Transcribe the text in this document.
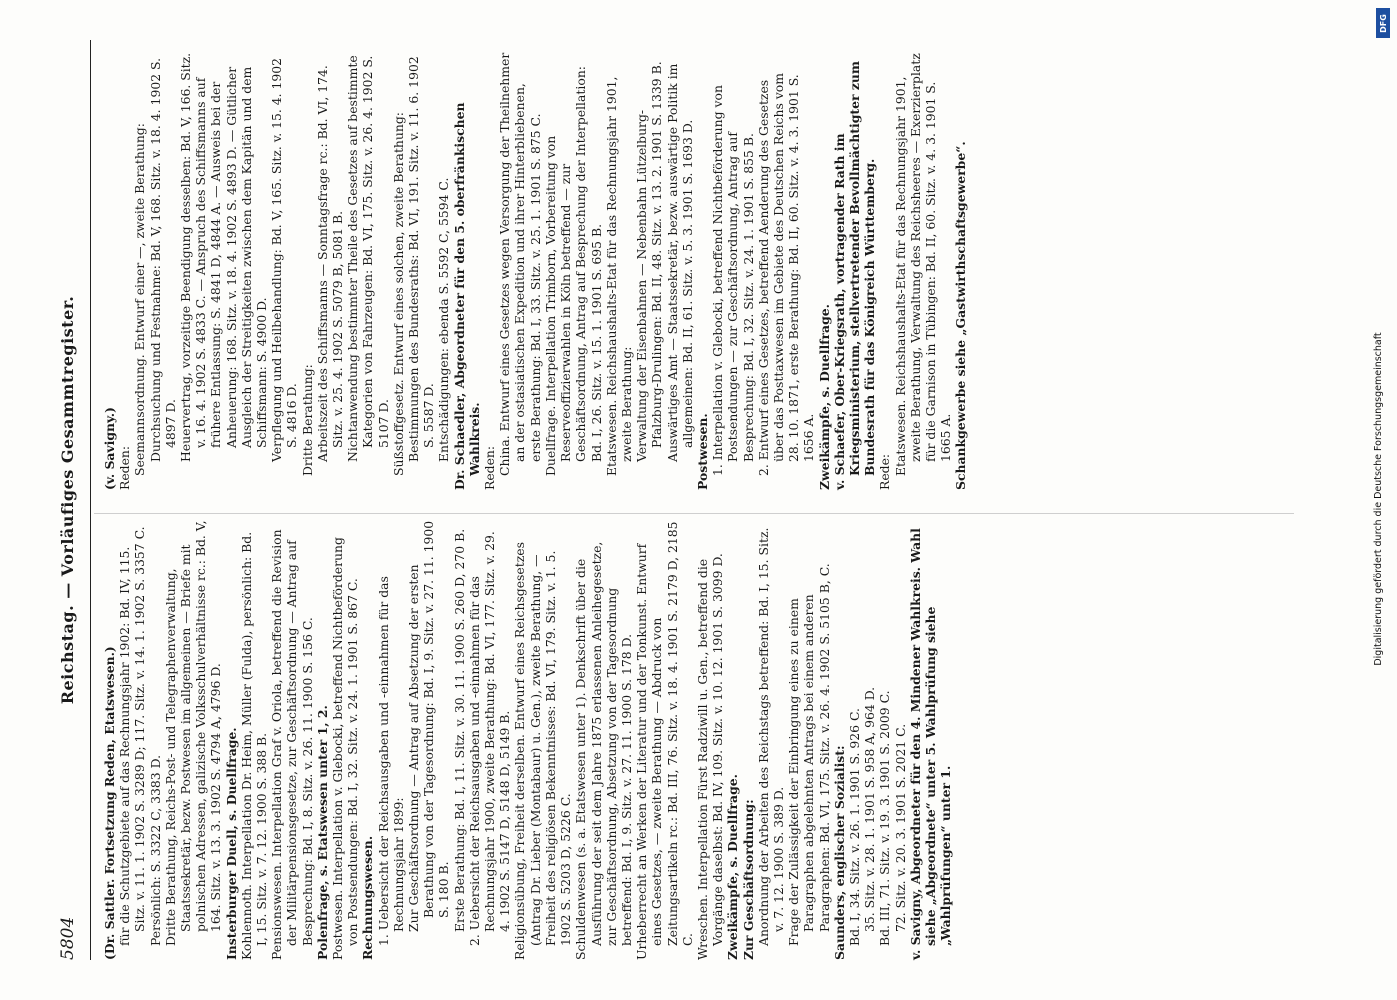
5804
Reichstag. — Vorläufiges Gesammtregister.

(Dr. Sattler. Fortsetzung Reden, Etatswesen.) für die Schutzgebiete auf das Rechnungsjahr 1902: Bd. IV, 115. Sitz. v. 11. 1. 1902 S. 3289 D; 117. Sitz. v. 14. 1. 1902 S. 3357 C. Persönlich: S. 3322 C, 3383 D. Dritte Berathung, Reichs-Post- und Telegraphenverwaltung, Staatssekretär, bezw. Postwesen im allgemeinen — Briefe mit polnischen Adressen, galizische Volksschulverhältnisse rc.: Bd. V, 164. Sitz. v. 13. 3. 1902 S. 4794 A, 4796 D. Insterburger Duell, s. Duellfrage. Kohlennoth. Interpellation Dr. Heim, Müller (Fulda), persönlich: Bd. I, 15. Sitz. v. 7. 12. 1900 S. 388 B. Pensionswesen. Interpellation Graf v. Oriola, betreffend die Revision der Militärpensionsgesetze, zur Geschäftsordnung — Antrag auf Besprechung: Bd. I, 8. Sitz. v. 26. 11. 1900 S. 156 C. Polenfrage, s. Etatswesen unter 1, 2. Postwesen. Interpellation v. Glebocki, betreffend Nichtbeförderung von Postsendungen: Bd. I, 32. Sitz. v. 24. 1. 1901 S. 867 C. Rechnungswesen. 1. Uebersicht der Reichsausgaben und -einnahmen für das Rechnungsjahr 1899: Zur Geschäftsordnung — Antrag auf Absetzung der ersten Berathung von der Tagesordnung: Bd. I, 9. Sitz. v. 27. 11. 1900 S. 180 B. Erste Berathung: Bd. I, 11. Sitz. v. 30. 11. 1900 S. 260 D, 270 B. 2. Uebersicht der Reichsausgaben und -einnahmen für das Rechnungsjahr 1900, zweite Berathung: Bd. VI, 177. Sitz. v. 29. 4. 1902 S. 5147 D, 5148 D, 5149 B. Religionsübung, Freiheit derselben. Entwurf eines Reichsgesetzes (Antrag Dr. Lieber (Montabaur) u. Gen.), zweite Berathung, — Freiheit des religiösen Bekenntnisses: Bd. VI, 179. Sitz. v. 1. 5. 1902 S. 5203 D, 5226 C. Schuldenwesen (s. a. Etatswesen unter 1). Denkschrift über die Ausführung der seit dem Jahre 1875 erlassenen Anleihegesetze, zur Geschäftsordnung, Absetzung von der Tagesordnung betreffend: Bd. I, 9. Sitz. v. 27. 11. 1900 S. 178 D. Urheberrecht an Werken der Literatur und der Tonkunst. Entwurf eines Gesetzes, — zweite Berathung — Abdruck von Zeitungsartikeln rc.: Bd. III, 76. Sitz. v. 18. 4. 1901 S. 2179 D, 2185 C. Wreschen. Interpellation Fürst Radziwill u. Gen., betreffend die Vorgänge daselbst: Bd. IV, 109. Sitz. v. 10. 12. 1901 S. 3099 D. Zweikämpfe, s. Duellfrage. Zur Geschäftsordnung: Anordnung der Arbeiten des Reichstags betreffend: Bd. I, 15. Sitz. v. 7. 12. 1900 S. 389 D. Frage der Zulässigkeit der Einbringung eines zu einem Paragraphen abgelehnten Antrags bei einem anderen Paragraphen: Bd. VI, 175. Sitz. v. 26. 4. 1902 S. 5105 B, C. Saunders, englischer Sozialist: Bd. I, 34. Sitz. v. 26. 1. 1901 S. 926 C. 35. Sitz. v. 28. 1. 1901 S. 958 A, 964 D. Bd. III, 71. Sitz. v. 19. 3. 1901 S. 2009 C. 72. Sitz. v. 20. 3. 1901 S. 2021 C. v. Savigny, Abgeordneter für den 4. Mindener Wahlkreis. Wahl siehe „Abgeordnete“ unter 5. Wahlprüfung siehe „Wahlprüfungen“ unter 1.

(v. Savigny.) Reden: Seemannsordnung. Entwurf einer —, zweite Berathung: Durchsuchung und Festnahme: Bd. V, 168. Sitz. v. 18. 4. 1902 S. 4897 D. Heuervertrag, vorzeitige Beendigung desselben: Bd. V, 166. Sitz. v. 16. 4. 1902 S. 4833 C. — Anspruch des Schiffsmanns auf frühere Entlassung: S. 4841 D, 4844 A. — Ausweis bei der Anheuerung: 168. Sitz. v. 18. 4. 1902 S. 4893 D. — Gütlicher Ausgleich der Streitigkeiten zwischen dem Kapitän und dem Schiffsmann: S. 4900 D. Verpflegung und Heilbehandlung: Bd. V, 165. Sitz. v. 15. 4. 1902 S. 4816 D. Dritte Berathung: Arbeitszeit des Schiffsmanns — Sonntagsfrage rc.: Bd. VI, 174. Sitz. v. 25. 4. 1902 S. 5079 B, 5081 B. Nichtanwendung bestimmter Theile des Gesetzes auf bestimmte Kategorien von Fahrzeugen: Bd. VI, 175. Sitz. v. 26. 4. 1902 S. 5107 D. Süßstoffgesetz. Entwurf eines solchen, zweite Berathung: Bestimmungen des Bundesraths: Bd. VI, 191. Sitz. v. 11. 6. 1902 S. 5587 D. Entschädigungen: ebenda S. 5592 C, 5594 C. Dr. Schaedler, Abgeordneter für den 5. oberfränkischen Wahlkreis. Reden: China. Entwurf eines Gesetzes wegen Versorgung der Theilnehmer an der ostasiatischen Expedition und ihrer Hinterbliebenen, erste Berathung: Bd. I, 33. Sitz. v. 25. 1. 1901 S. 875 C. Duellfrage. Interpellation Trimborn, Vorbereitung von Reserveoffizierwahlen in Köln betreffend — zur Geschäftsordnung, Antrag auf Besprechung der Interpellation: Bd. I, 26. Sitz. v. 15. 1. 1901 S. 695 B. Etatswesen. Reichshaushalts-Etat für das Rechnungsjahr 1901, zweite Berathung: Verwaltung der Eisenbahnen — Nebenbahn Lützelburg-Pfalzburg-Drulingen: Bd. II, 48. Sitz. v. 13. 2. 1901 S. 1339 B. Auswärtiges Amt — Staatssekretär, bezw. auswärtige Politik im allgemeinen: Bd. II, 61. Sitz. v. 5. 3. 1901 S. 1693 D.

Postwesen. 1. Interpellation v. Glebocki, betreffend Nichtbeförderung von Postsendungen — zur Geschäftsordnung, Antrag auf Besprechung: Bd. I, 32. Sitz. v. 24. 1. 1901 S. 855 B. 2. Entwurf eines Gesetzes, betreffend Aenderung des Gesetzes über das Posttaxwesen im Gebiete des Deutschen Reichs vom 28. 10. 1871, erste Berathung: Bd. II, 60. Sitz. v. 4. 3. 1901 S. 1656 A. Zweikämpfe, s. Duellfrage. v. Schaefer, Ober-Kriegsrath, vortragender Rath im Kriegsministerium, stellvertretender Bevollmächtigter zum Bundesrath für das Königreich Württemberg. Rede: Etatswesen. Reichshaushalts-Etat für das Rechnungsjahr 1901, zweite Berathung, Verwaltung des Reichsheeres — Exerzierplatz für die Garnison in Tübingen: Bd. II, 60. Sitz. v. 4. 3. 1901 S. 1665 A. Schankgewerbe siehe „Gastwirthschaftsgewerbe“.

DFG
Digitalisierung gefördert durch die Deutsche Forschungsgemeinschaft
